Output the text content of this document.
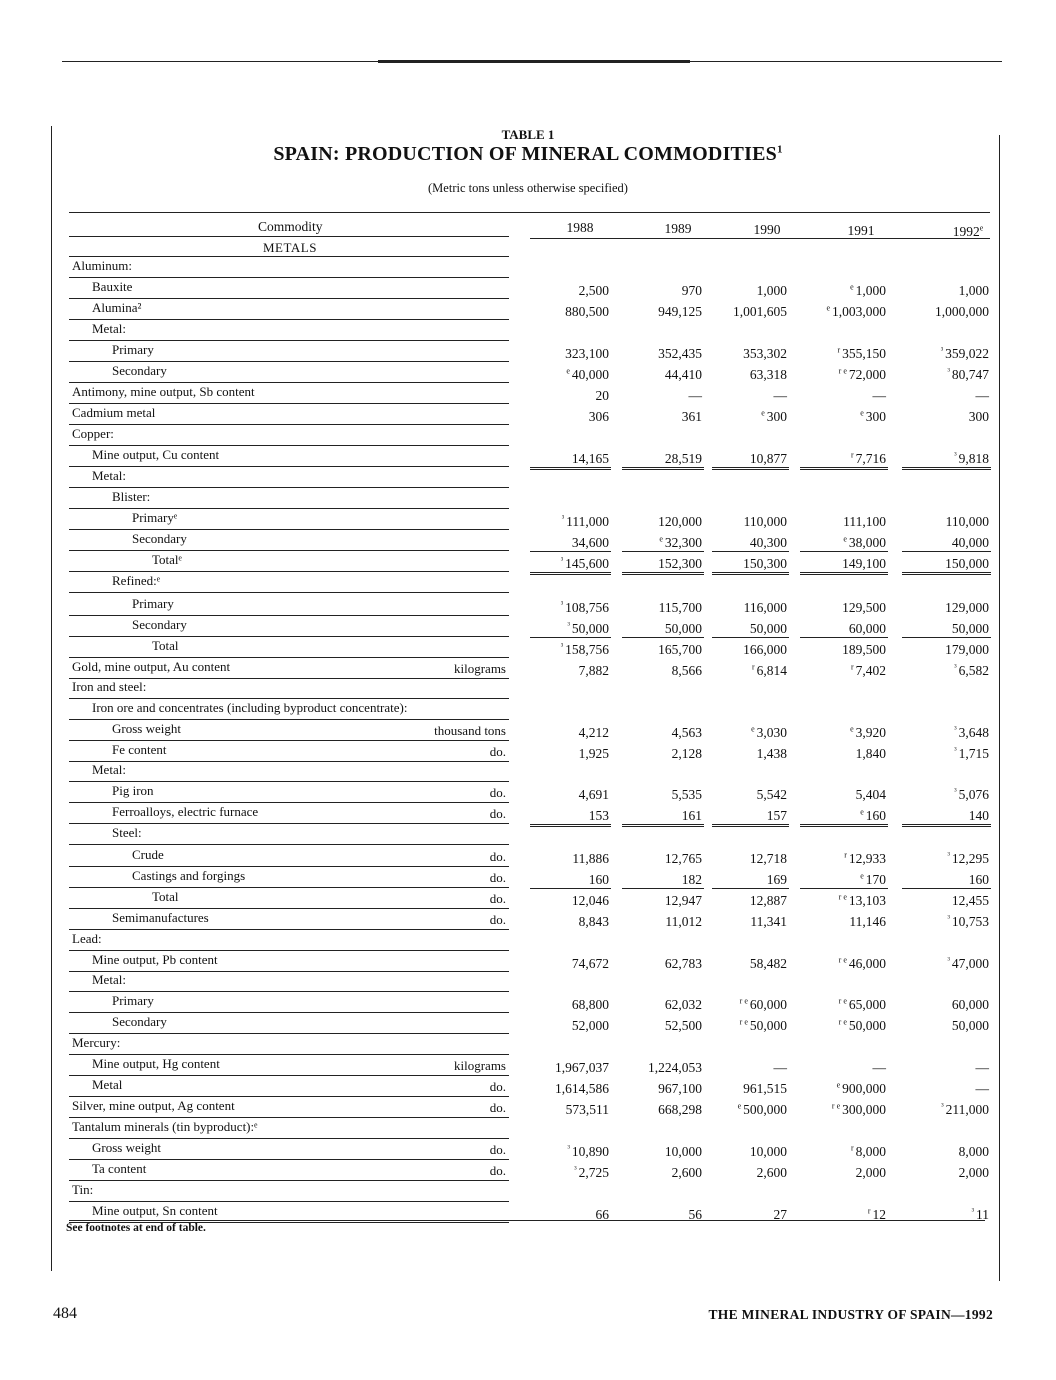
TABLE 1
SPAIN: PRODUCTION OF MINERAL COMMODITIES$^1$
(Metric tons unless otherwise specified)
Commodity
METALS
1988	1989	1990	1991	1992e
Aluminum:
Bauxite	2,500	970	1,000	$^e$ 1,000	1,000
Alumina²	880,500	949,125	1,001,605	$^e$ 1,003,000	1,000,000
Metal:
Primary	323,100	352,435	353,302	$^r$ 355,150	$^{^3}$ 359,022
Secondary	$^e$ 40,000	44,410	63,318	$^{r e}$ 72,000	$^{^3}$ 80,747
Antimony, mine output, Sb content	20	—	—	—	—
Cadmium metal	306	361	$^e$ 300	$^e$ 300	300
Copper:
Mine output, Cu content	14,165	28,519	10,877	$^r$ 7,716	$^{^3}$ 9,818
Metal:
Blister:
Primaryᵉ	$^{^3}$ 111,000	120,000	110,000	111,100	110,000
Secondary	34,600	$^e$ 32,300	40,300	$^e$ 38,000	40,000
Totalᵉ	$^{^3}$ 145,600	152,300	150,300	149,100	150,000
Refined:ᵉ
Primary	$^{^3}$ 108,756	115,700	116,000	129,500	129,000
Secondary	$^{^3}$ 50,000	50,000	50,000	60,000	50,000
Total	$^{^3}$ 158,756	165,700	166,000	189,500	179,000
Gold, mine output, Au content	kilograms	7,882	8,566	$^r$ 6,814	$^r$ 7,402	$^{^3}$ 6,582
Iron and steel:
Iron ore and concentrates (including byproduct concentrate):
Gross weight	thousand tons	4,212	4,563	$^e$ 3,030	$^e$ 3,920	$^{^3}$ 3,648
Fe content	do.	1,925	2,128	1,438	1,840	$^{^3}$ 1,715
Metal:
Pig iron	do.	4,691	5,535	5,542	5,404	$^{^3}$ 5,076
Ferroalloys, electric furnace	do.	153	161	157	$^e$ 160	140
Steel:
Crude	do.	11,886	12,765	12,718	$^r$ 12,933	$^{^3}$ 12,295
Castings and forgings	do.	160	182	169	$^e$ 170	160
Total	do.	12,046	12,947	12,887	$^{r e}$ 13,103	12,455
Semimanufactures	do.	8,843	11,012	11,341	11,146	$^{^3}$ 10,753
Lead:
Mine output, Pb content	74,672	62,783	58,482	$^{r e}$ 46,000	$^{^3}$ 47,000
Metal:
Primary	68,800	62,032	$^{r e}$ 60,000	$^{r e}$ 65,000	60,000
Secondary	52,000	52,500	$^{r e}$ 50,000	$^{r e}$ 50,000	50,000
Mercury:
Mine output, Hg content	kilograms	1,967,037	1,224,053	—	—	—
Metal	do.	1,614,586	967,100	961,515	$^e$ 900,000	—
Silver, mine output, Ag content	do.	573,511	668,298	$^e$ 500,000	$^{r e}$ 300,000	$^{^3}$ 211,000
Tantalum minerals (tin byproduct):ᵉ
Gross weight	do.	$^{^3}$ 10,890	10,000	10,000	$^r$ 8,000	8,000
Ta content	do.	$^{^3}$ 2,725	2,600	2,600	2,000	2,000
Tin:
Mine output, Sn content	66	56	27	$^r$ 12	$^{^3}$ 11
See footnotes at end of table.
484	THE MINERAL INDUSTRY OF SPAIN—1992
